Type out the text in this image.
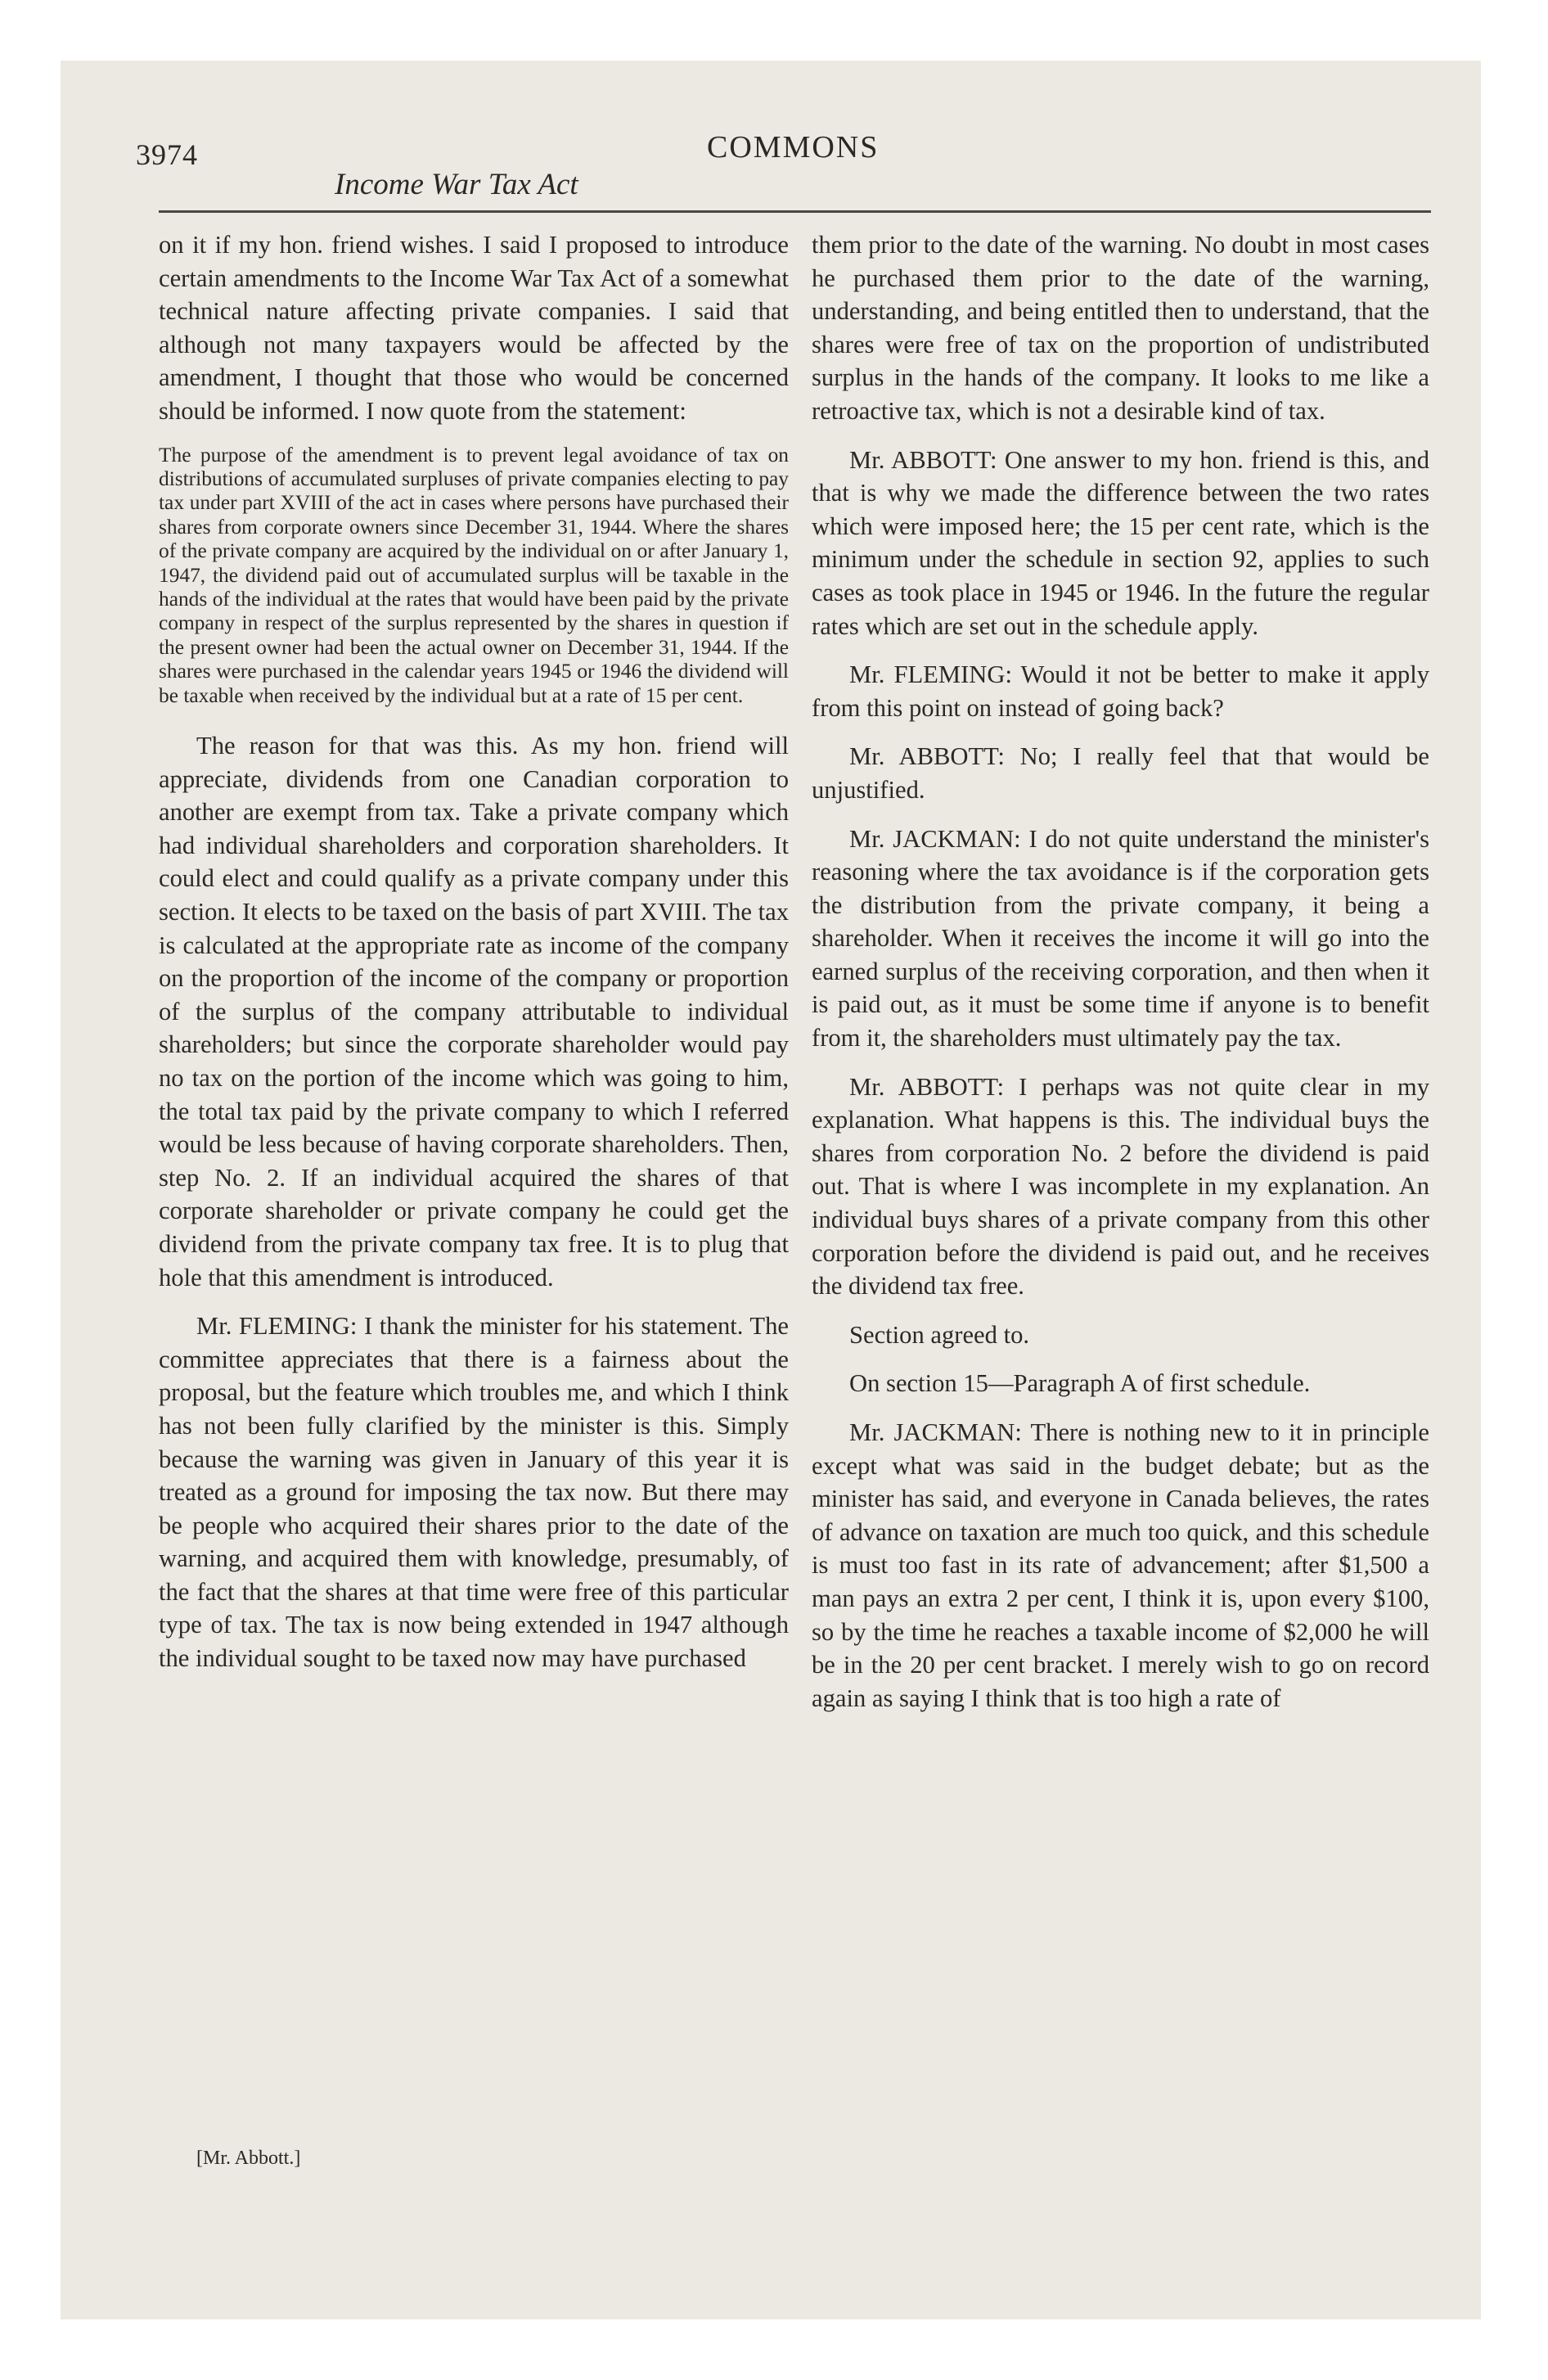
3974
Income War Tax Act
COMMONS

on it if my hon. friend wishes. I said I proposed to introduce certain amendments to the Income War Tax Act of a somewhat technical nature affecting private companies. I said that although not many taxpayers would be affected by the amendment, I thought that those who would be concerned should be informed. I now quote from the statement:

The purpose of the amendment is to prevent legal avoidance of tax on distributions of accumulated surpluses of private companies electing to pay tax under part XVIII of the act in cases where persons have purchased their shares from corporate owners since December 31, 1944. Where the shares of the private company are acquired by the individual on or after January 1, 1947, the dividend paid out of accumulated surplus will be taxable in the hands of the individual at the rates that would have been paid by the private company in respect of the surplus represented by the shares in question if the present owner had been the actual owner on December 31, 1944. If the shares were purchased in the calendar years 1945 or 1946 the dividend will be taxable when received by the individual but at a rate of 15 per cent.

The reason for that was this. As my hon. friend will appreciate, dividends from one Canadian corporation to another are exempt from tax. Take a private company which had individual shareholders and corporation shareholders. It could elect and could qualify as a private company under this section. It elects to be taxed on the basis of part XVIII. The tax is calculated at the appropriate rate as income of the company on the proportion of the income of the company or proportion of the surplus of the company attributable to individual shareholders; but since the corporate shareholder would pay no tax on the portion of the income which was going to him, the total tax paid by the private company to which I referred would be less because of having corporate shareholders. Then, step No. 2. If an individual acquired the shares of that corporate shareholder or private company he could get the dividend from the private company tax free. It is to plug that hole that this amendment is introduced.

Mr. FLEMING: I thank the minister for his statement. The committee appreciates that there is a fairness about the proposal, but the feature which troubles me, and which I think has not been fully clarified by the minister is this. Simply because the warning was given in January of this year it is treated as a ground for imposing the tax now. But there may be people who acquired their shares prior to the date of the warning, and acquired them with knowledge, presumably, of the fact that the shares at that time were free of this particular type of tax. The tax is now being extended in 1947 although the individual sought to be taxed now may have purchased

them prior to the date of the warning. No doubt in most cases he purchased them prior to the date of the warning, understanding, and being entitled then to understand, that the shares were free of tax on the proportion of undistributed surplus in the hands of the company. It looks to me like a retroactive tax, which is not a desirable kind of tax.

Mr. ABBOTT: One answer to my hon. friend is this, and that is why we made the difference between the two rates which were imposed here; the 15 per cent rate, which is the minimum under the schedule in section 92, applies to such cases as took place in 1945 or 1946. In the future the regular rates which are set out in the schedule apply.

Mr. FLEMING: Would it not be better to make it apply from this point on instead of going back?

Mr. ABBOTT: No; I really feel that that would be unjustified.

Mr. JACKMAN: I do not quite understand the minister's reasoning where the tax avoidance is if the corporation gets the distribution from the private company, it being a shareholder. When it receives the income it will go into the earned surplus of the receiving corporation, and then when it is paid out, as it must be some time if anyone is to benefit from it, the shareholders must ultimately pay the tax.

Mr. ABBOTT: I perhaps was not quite clear in my explanation. What happens is this. The individual buys the shares from corporation No. 2 before the dividend is paid out. That is where I was incomplete in my explanation. An individual buys shares of a private company from this other corporation before the dividend is paid out, and he receives the dividend tax free.

Section agreed to.

On section 15—Paragraph A of first schedule.

Mr. JACKMAN: There is nothing new to it in principle except what was said in the budget debate; but as the minister has said, and everyone in Canada believes, the rates of advance on taxation are much too quick, and this schedule is must too fast in its rate of advancement; after $1,500 a man pays an extra 2 per cent, I think it is, upon every $100, so by the time he reaches a taxable income of $2,000 he will be in the 20 per cent bracket. I merely wish to go on record again as saying I think that is too high a rate of

[Mr. Abbott.]
